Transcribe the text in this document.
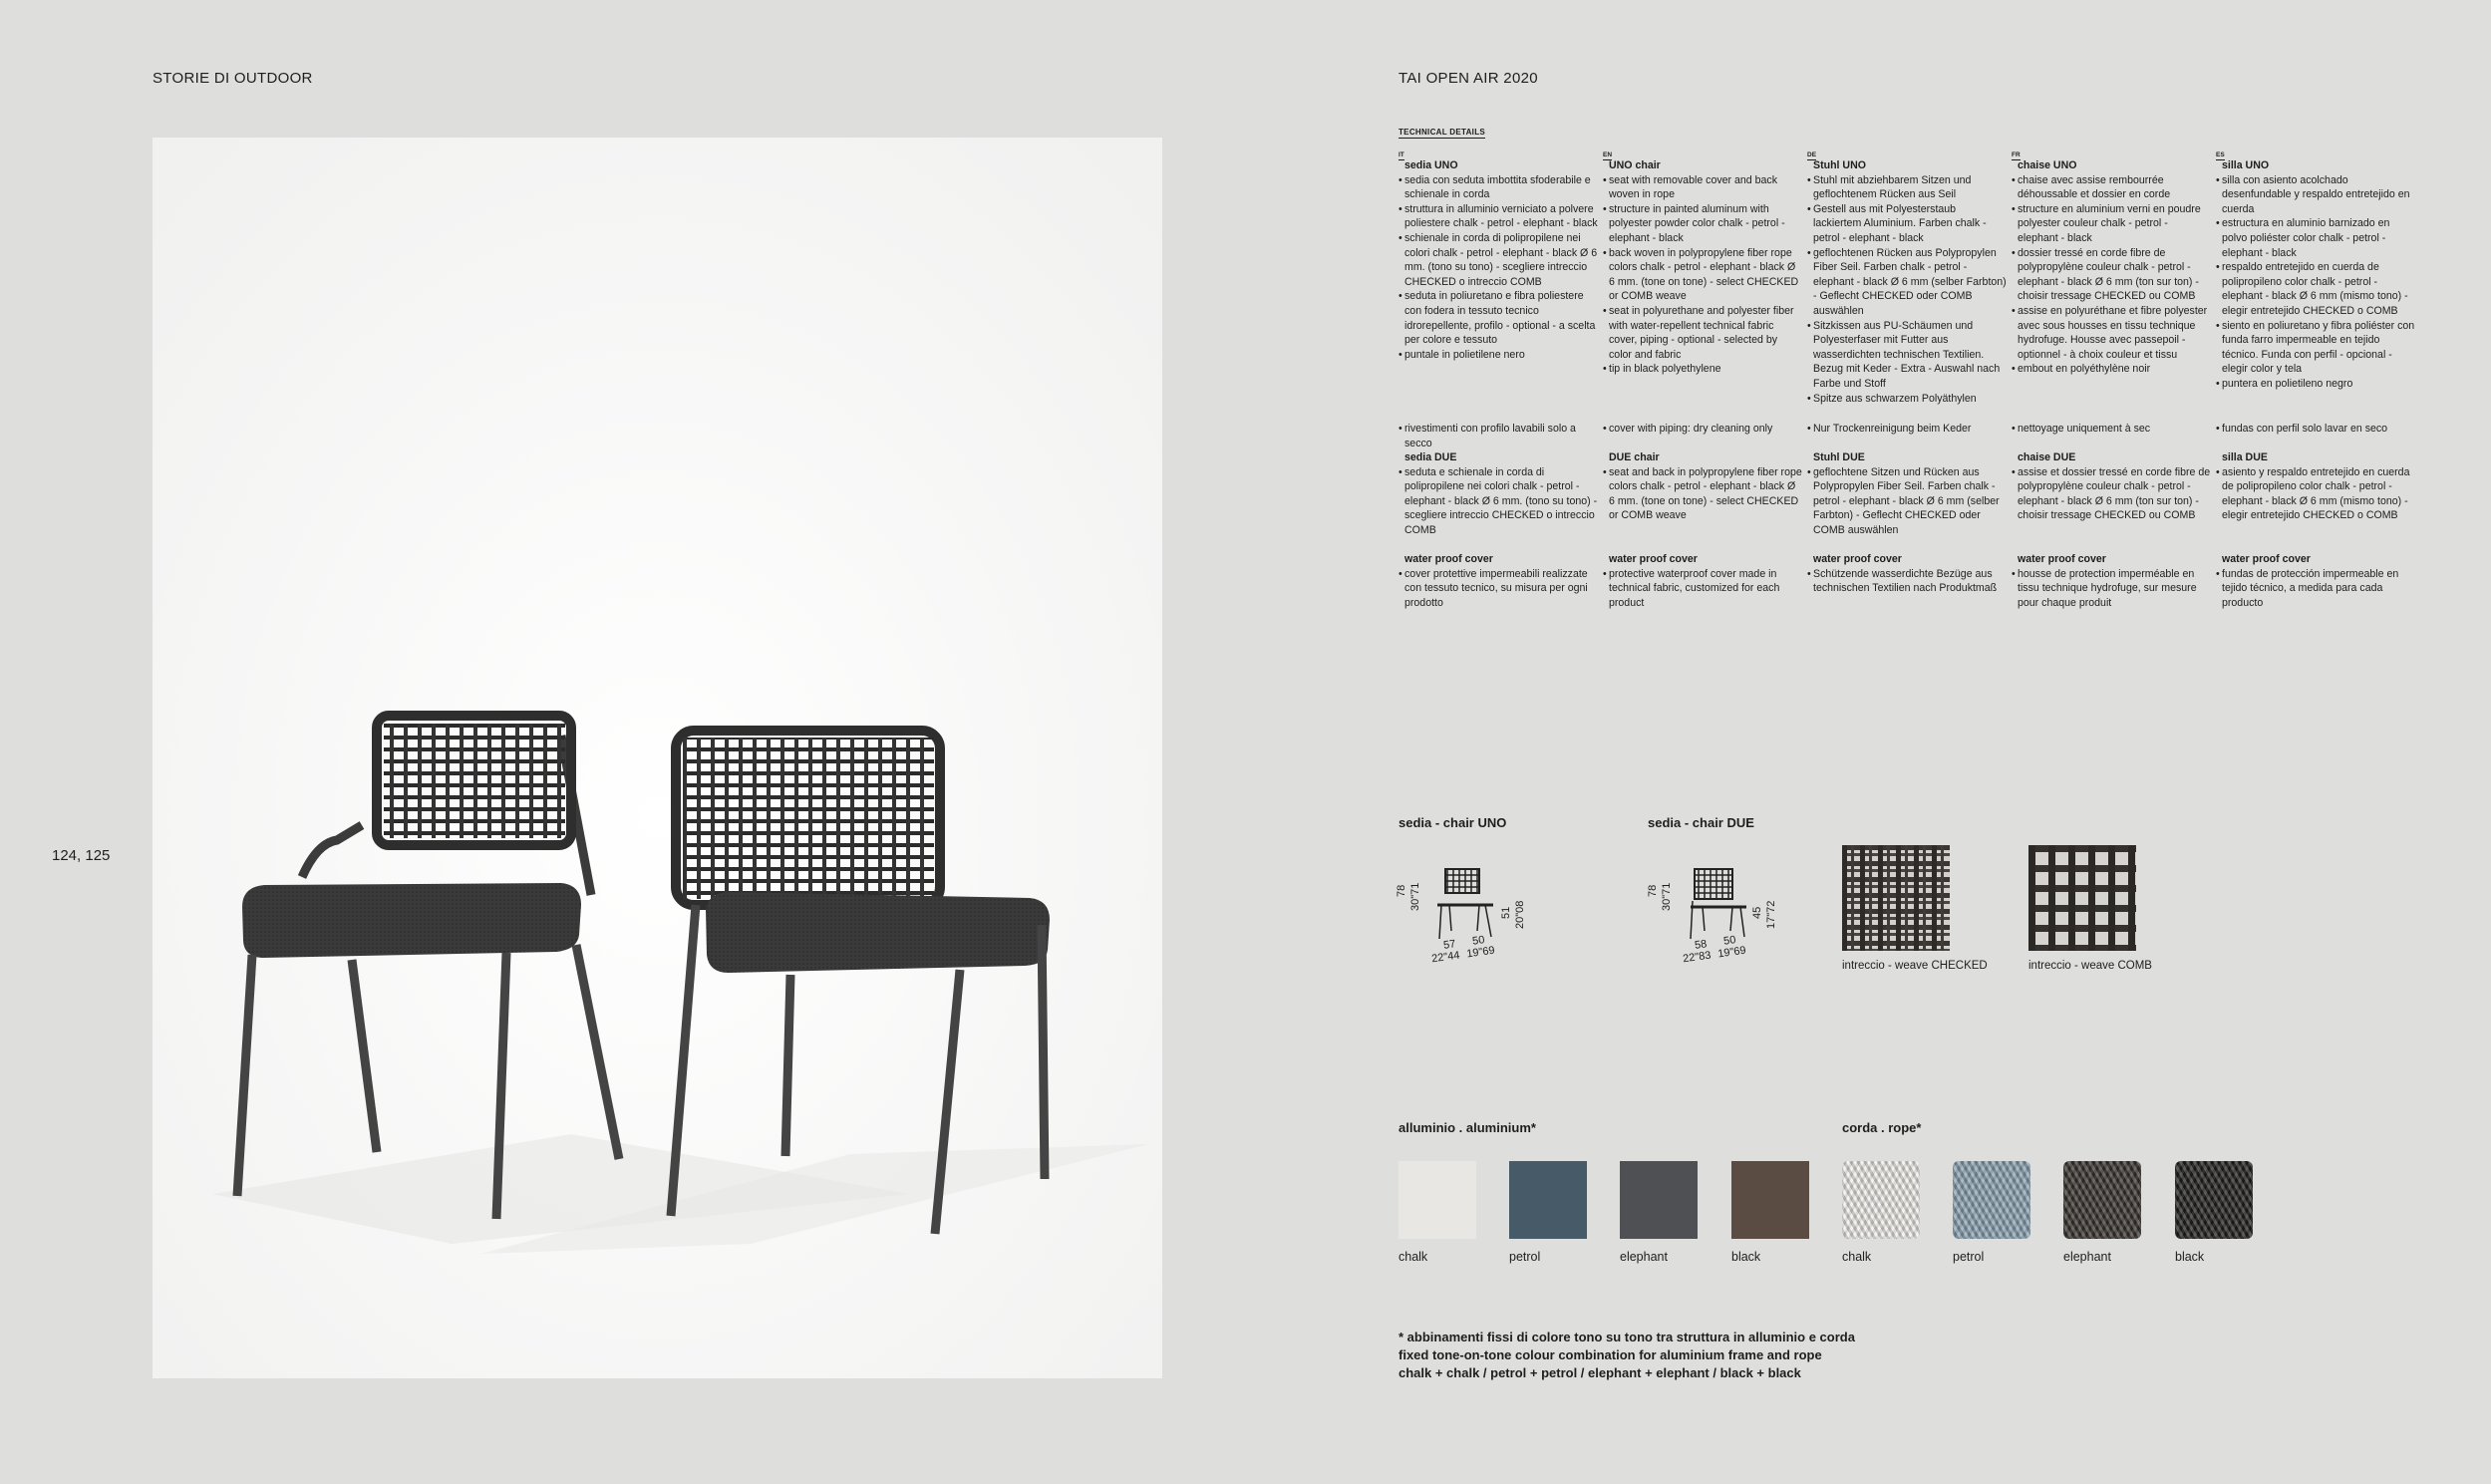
STORIE DI OUTDOOR	TAI OPEN AIR 2020
124, 125
TECHNICAL DETAILS
IT
sedia UNO
• sedia con seduta imbottita sfoderabile e schienale in corda
• struttura in alluminio verniciato a polvere poliestere chalk - petrol - elephant - black
• schienale in corda di polipropilene nei colori chalk - petrol - elephant - black Ø 6 mm. (tono su tono) - scegliere intreccio CHECKED o intreccio COMB
• seduta in poliuretano e fibra poliestere con fodera in tessuto tecnico idrorepellente, profilo - optional - a scelta per colore e tessuto
• puntale in polietilene nero
• rivestimenti con profilo lavabili solo a secco
sedia DUE
• seduta e schienale in corda di polipropilene nei colori chalk - petrol - elephant - black Ø 6 mm. (tono su tono) - scegliere intreccio CHECKED o intreccio COMB
water proof cover
• cover protettive impermeabili realizzate con tessuto tecnico, su misura per ogni prodotto
EN
UNO chair
• seat with removable cover and back woven in rope
• structure in painted aluminum with polyester powder color chalk - petrol - elephant - black
• back woven in polypropylene fiber rope colors chalk - petrol - elephant - black Ø 6 mm. (tone on tone) - select CHECKED or COMB weave
• seat in polyurethane and polyester fiber with water-repellent technical fabric cover, piping - optional - selected by color and fabric
• tip in black polyethylene
• cover with piping: dry cleaning only
DUE chair
• seat and back in polypropylene fiber rope colors chalk - petrol - elephant - black Ø 6 mm. (tone on tone) - select CHECKED or COMB weave
water proof cover
• protective waterproof cover made in technical fabric, customized for each product
DE
Stuhl UNO
• Stuhl mit abziehbarem Sitzen und geflochtenem Rücken aus Seil
• Gestell aus mit Polyesterstaub lackiertem Aluminium. Farben chalk - petrol - elephant - black
• geflochtenen Rücken aus Polypropylen Fiber Seil. Farben chalk - petrol - elephant - black Ø 6 mm (selber Farbton) - Geflecht CHECKED oder COMB auswählen
• Sitzkissen aus PU-Schäumen und Polyesterfaser mit Futter aus wasserdichten technischen Textilien. Bezug mit Keder - Extra - Auswahl nach Farbe und Stoff
• Spitze aus schwarzem Polyäthylen
• Nur Trockenreinigung beim Keder
Stuhl DUE
• geflochtene Sitzen und Rücken aus Polypropylen Fiber Seil. Farben chalk - petrol - elephant - black Ø 6 mm (selber Farbton) - Geflecht CHECKED oder COMB auswählen
water proof cover
• Schützende wasserdichte Bezüge aus technischen Textilien nach Produktmaß
FR
chaise UNO
• chaise avec assise rembourrée déhoussable et dossier en corde
• structure en aluminium verni en poudre polyester couleur chalk - petrol - elephant - black
• dossier tressé en corde fibre de polypropylène couleur chalk - petrol - elephant - black Ø 6 mm (ton sur ton) - choisir tressage CHECKED ou COMB
• assise en polyuréthane et fibre polyester avec sous housses en tissu technique hydrofuge. Housse avec passepoil - optionnel - à choix couleur et tissu
• embout en polyéthylène noir
• nettoyage uniquement à sec
chaise DUE
• assise et dossier tressé en corde fibre de polypropylène couleur chalk - petrol - elephant - black Ø 6 mm (ton sur ton) - choisir tressage CHECKED ou COMB
water proof cover
• housse de protection imperméable en tissu technique hydrofuge, sur mesure pour chaque produit
ES
silla UNO
• silla con asiento acolchado desenfundable y respaldo entretejido en cuerda
• estructura en aluminio barnizado en polvo poliéster color chalk - petrol - elephant - black
• respaldo entretejido en cuerda de polipropileno color chalk - petrol - elephant - black Ø 6 mm (mismo tono) - elegir entretejido CHECKED o COMB
• siento en poliuretano y fibra poliéster con funda farro impermeable en tejido técnico. Funda con perfil - opcional - elegir color y tela
• puntera en polietileno negro
• fundas con perfil solo lavar en seco
silla DUE
• asiento y respaldo entretejido en cuerda de polipropileno color chalk - petrol - elephant - black Ø 6 mm (mismo tono) - elegir entretejido CHECKED o COMB
water proof cover
• fundas de protección impermeable en tejido técnico, a medida para cada producto
sedia - chair UNO	sedia - chair DUE
78 30"71
51 20"08
57 50
22"44 19"69
78 30"71
45 17"72
58 50
22"83 19"69
intreccio - weave CHECKED	intreccio - weave COMB
alluminio . aluminium*
chalk	petrol	elephant	black
corda . rope*
chalk	petrol	elephant	black
* abbinamenti fissi di colore tono su tono tra struttura in alluminio e corda
fixed tone-on-tone colour combination for aluminium frame and rope
chalk + chalk / petrol + petrol / elephant + elephant / black + black
